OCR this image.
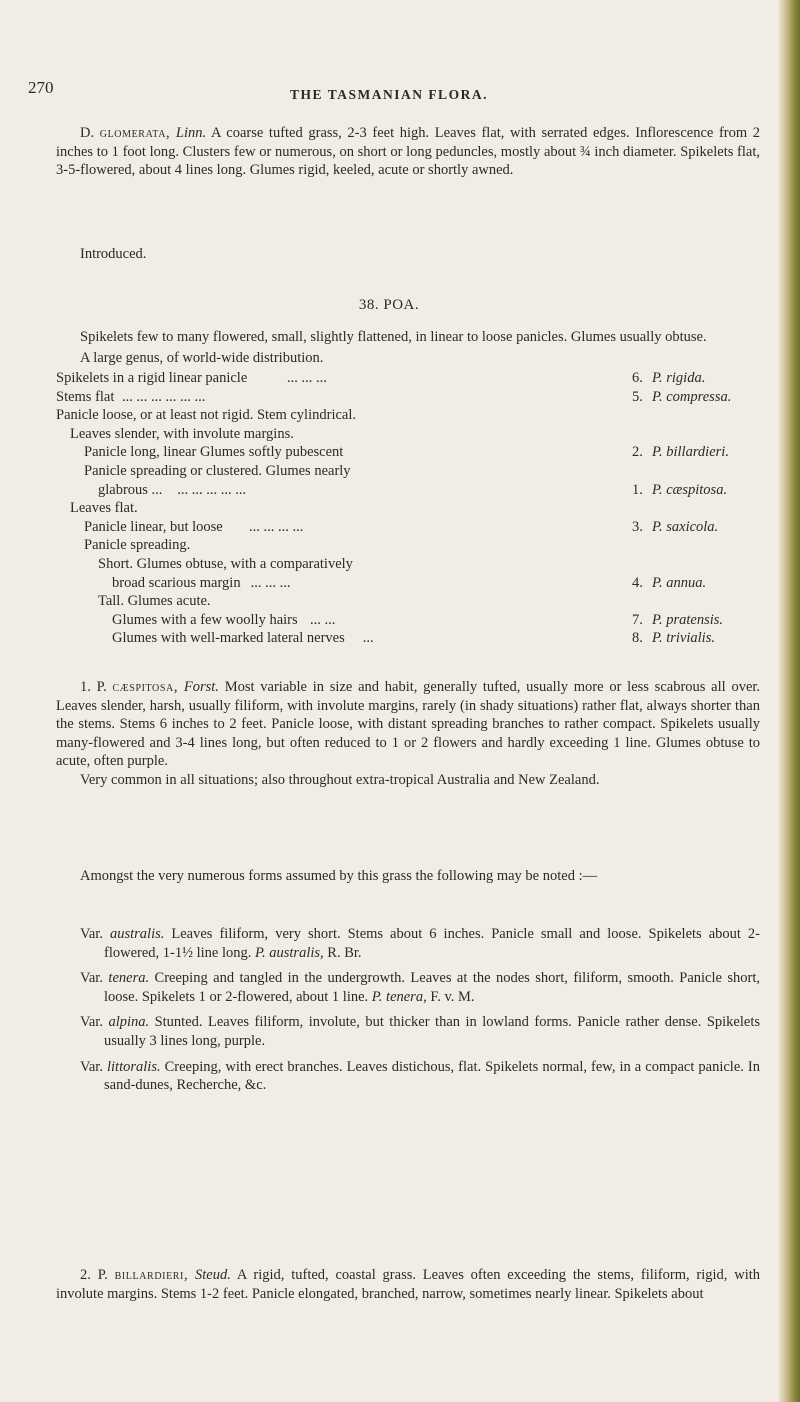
270	THE TASMANIAN FLORA.
D. glomerata, Linn. A coarse tufted grass, 2-3 feet high. Leaves flat, with serrated edges. Inflorescence from 2 inches to 1 foot long. Clusters few or numerous, on short or long peduncles, mostly about ¾ inch diameter. Spikelets flat, 3-5-flowered, about 4 lines long. Glumes rigid, keeled, acute or shortly awned.
Introduced.
38. POA.
Spikelets few to many flowered, small, slightly flattened, in linear to loose panicles. Glumes usually obtuse.
A large genus, of world-wide distribution.
Spikelets in a rigid linear panicle	... ... ...	6. P. rigida.
Stems flat ... ... ... ... ... ...	5. P. compressa.
Panicle loose, or at least not rigid. Stem cylindrical.
Leaves slender, with involute margins.
Panicle long, linear Glumes softly pubescent	2. P. billardieri.
Panicle spreading or clustered. Glumes nearly
glabrous ... ... ... ... ... ...	1. P. cæspitosa.
Leaves flat.
Panicle linear, but loose ... ... ... ...	3. P. saxicola.
Panicle spreading.
Short. Glumes obtuse, with a comparatively
broad scarious margin ... ... ...	4. P. annua.
Tall. Glumes acute.
Glumes with a few woolly hairs ... ...	7. P. pratensis.
Glumes with well-marked lateral nerves ...	8. P. trivialis.

1. P. cæspitosa, Forst. Most variable in size and habit, generally tufted, usually more or less scabrous all over. Leaves slender, harsh, usually filiform, with involute margins, rarely (in shady situations) rather flat, always shorter than the stems. Stems 6 inches to 2 feet. Panicle loose, with distant spreading branches to rather compact. Spikelets usually many-flowered and 3-4 lines long, but often reduced to 1 or 2 flowers and hardly exceeding 1 line. Glumes obtuse to acute, often purple.

Very common in all situations; also throughout extra-tropical Australia and New Zealand.

Amongst the very numerous forms assumed by this grass the following may be noted :—

Var. australis. Leaves filiform, very short. Stems about 6 inches. Panicle small and loose. Spikelets about 2-flowered, 1-1½ line long. P. australis, R. Br.

Var. tenera. Creeping and tangled in the undergrowth. Leaves at the nodes short, filiform, smooth. Panicle short, loose. Spikelets 1 or 2-flowered, about 1 line. P. tenera, F. v. M.

Var. alpina. Stunted. Leaves filiform, involute, but thicker than in lowland forms. Panicle rather dense. Spikelets usually 3 lines long, purple.

Var. littoralis. Creeping, with erect branches. Leaves distichous, flat. Spikelets normal, few, in a compact panicle. In sand-dunes, Recherche, &c.

2. P. billardieri, Steud. A rigid, tufted, coastal grass. Leaves often exceeding the stems, filiform, rigid, with involute margins. Stems 1-2 feet. Panicle elongated, branched, narrow, sometimes nearly linear. Spikelets about
